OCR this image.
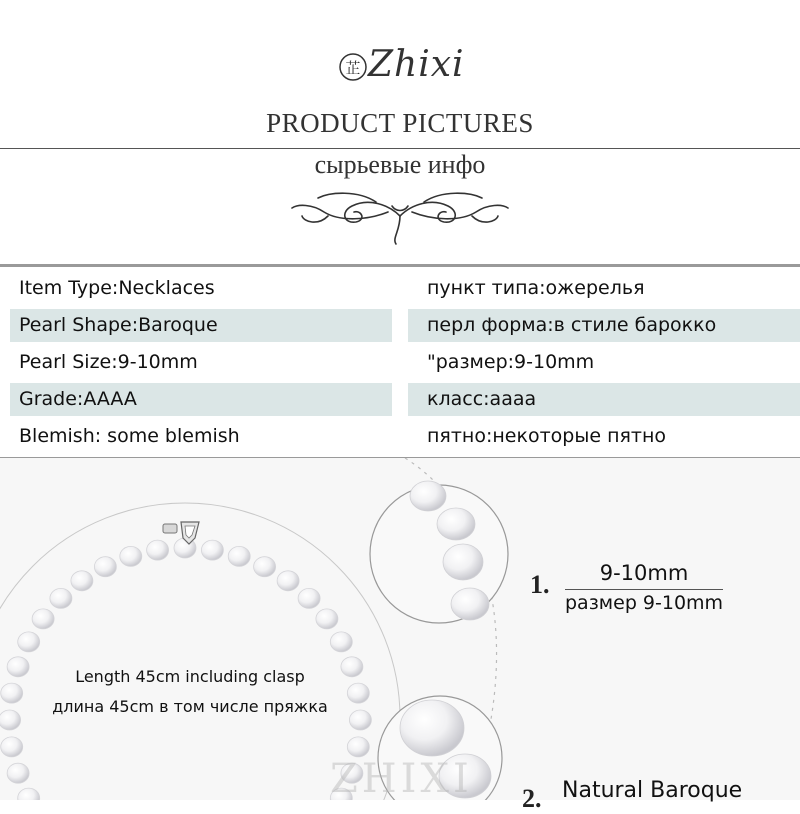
芷 Zhixi
PRODUCT PICTURES
сырьевые инфо
Item Type:Necklaces	пункт типа:ожерелья
Pearl Shape:Baroque	перл форма:в стиле барокко
Pearl Size:9-10mm	"размер:9-10mm
Grade:AAAA	класс:аааа
Blemish: some blemish	пятно:некоторые пятно
1.	9-10mm
размер 9-10mm
Length 45cm including clasp
длина 45cm в том числе пряжка
ZHIXI 2. Natural Baroque
